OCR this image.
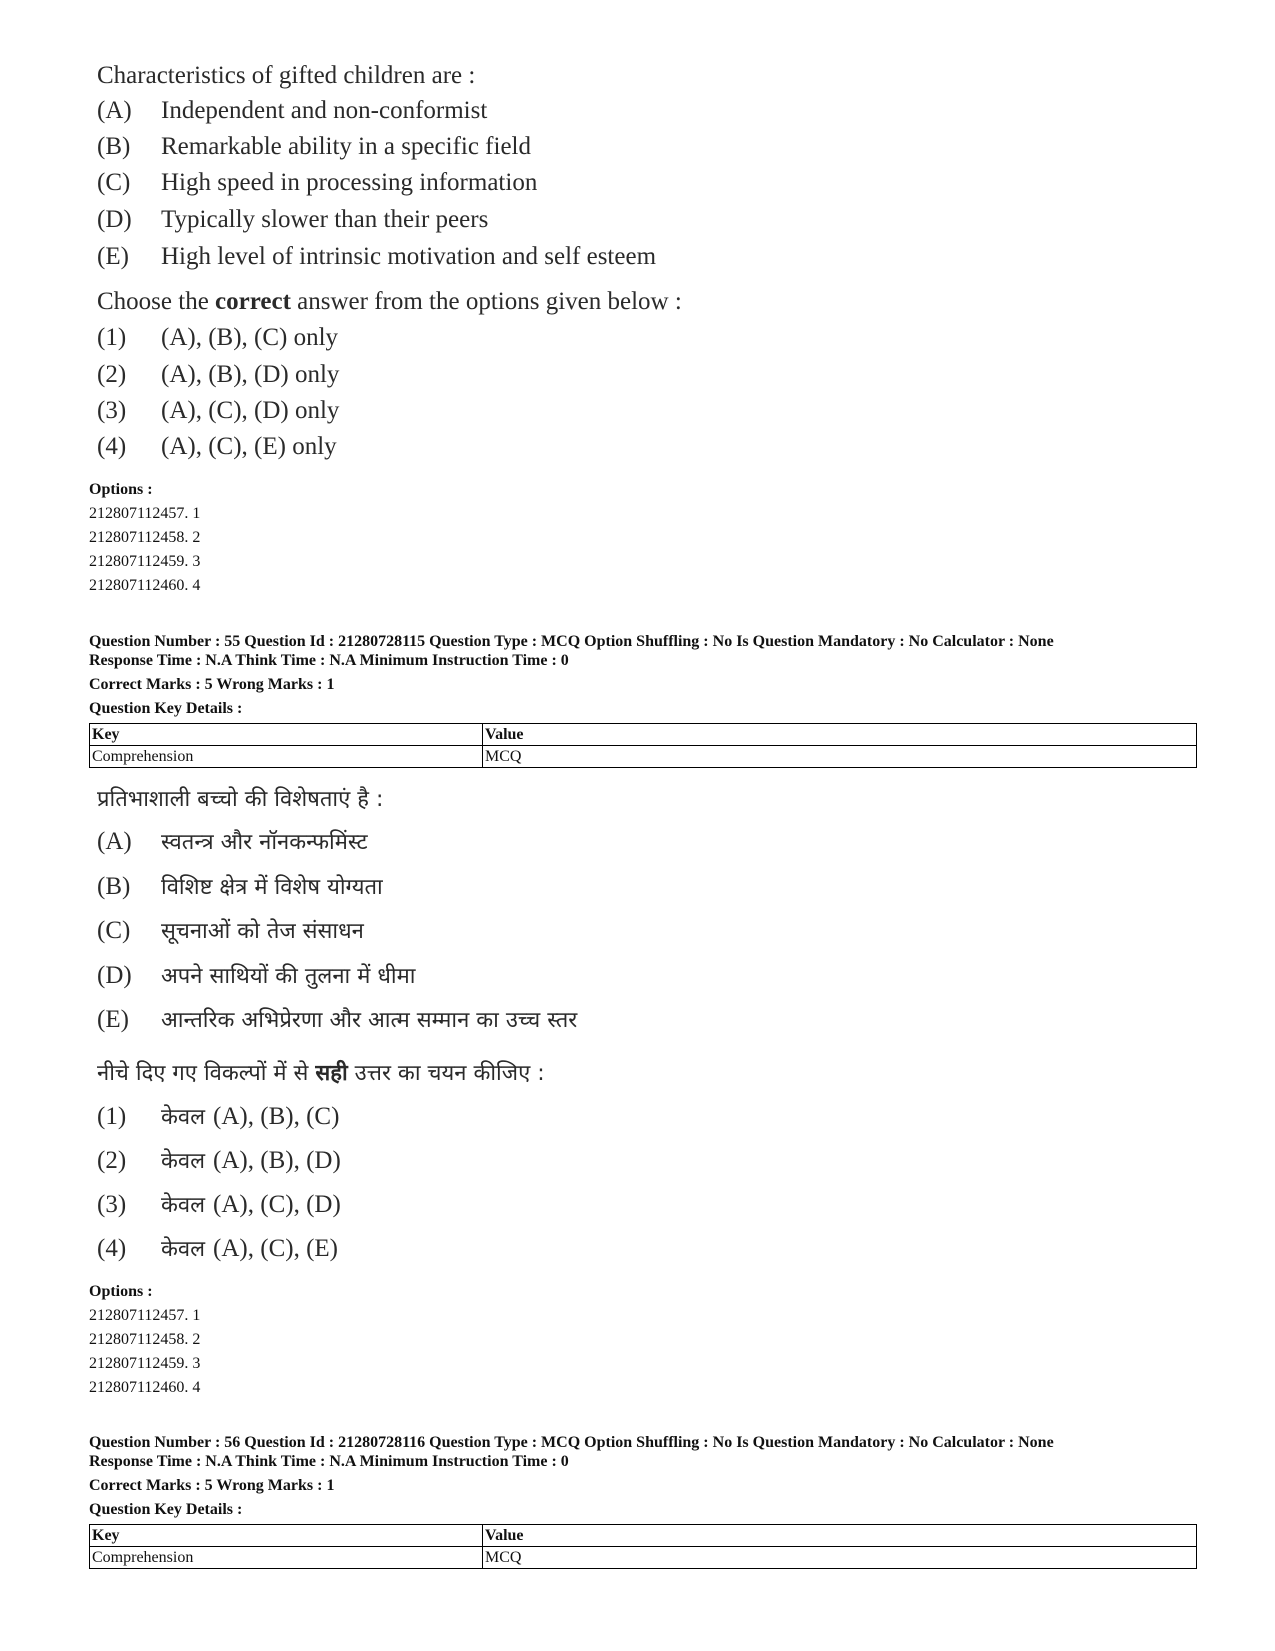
Characteristics of gifted children are :
(A)	Independent and non-conformist
(B)	Remarkable ability in a specific field
(C)	High speed in processing information
(D)	Typically slower than their peers
(E)	High level of intrinsic motivation and self esteem
Choose the correct answer from the options given below :
(1)	(A), (B), (C) only
(2)	(A), (B), (D) only
(3)	(A), (C), (D) only
(4)	(A), (C), (E) only
Options :
212807112457. 1
212807112458. 2
212807112459. 3
212807112460. 4
Question Number : 55 Question Id : 21280728115 Question Type : MCQ Option Shuffling : No Is Question Mandatory : No Calculator : None
Response Time : N.A Think Time : N.A Minimum Instruction Time : 0
Correct Marks : 5 Wrong Marks : 1
Question Key Details :
Key	Value
Comprehension	MCQ
प्रतिभाशाली बच्चो की विशेषताएं है :
(A)	स्वतन्त्र और नॉनकन्फमिंस्ट
(B)	विशिष्ट क्षेत्र में विशेष योग्यता
(C)	सूचनाओं को तेज संसाधन
(D)	अपने साथियों की तुलना में धीमा
(E)	आन्तरिक अभिप्रेरणा और आत्म सम्मान का उच्च स्तर
नीचे दिए गए विकल्पों में से सही उत्तर का चयन कीजिए :
(1)	केवल (A), (B), (C)
(2)	केवल (A), (B), (D)
(3)	केवल (A), (C), (D)
(4)	केवल (A), (C), (E)
Options :
212807112457. 1
212807112458. 2
212807112459. 3
212807112460. 4
Question Number : 56 Question Id : 21280728116 Question Type : MCQ Option Shuffling : No Is Question Mandatory : No Calculator : None
Response Time : N.A Think Time : N.A Minimum Instruction Time : 0
Correct Marks : 5 Wrong Marks : 1
Question Key Details :
Key	Value
Comprehension	MCQ
